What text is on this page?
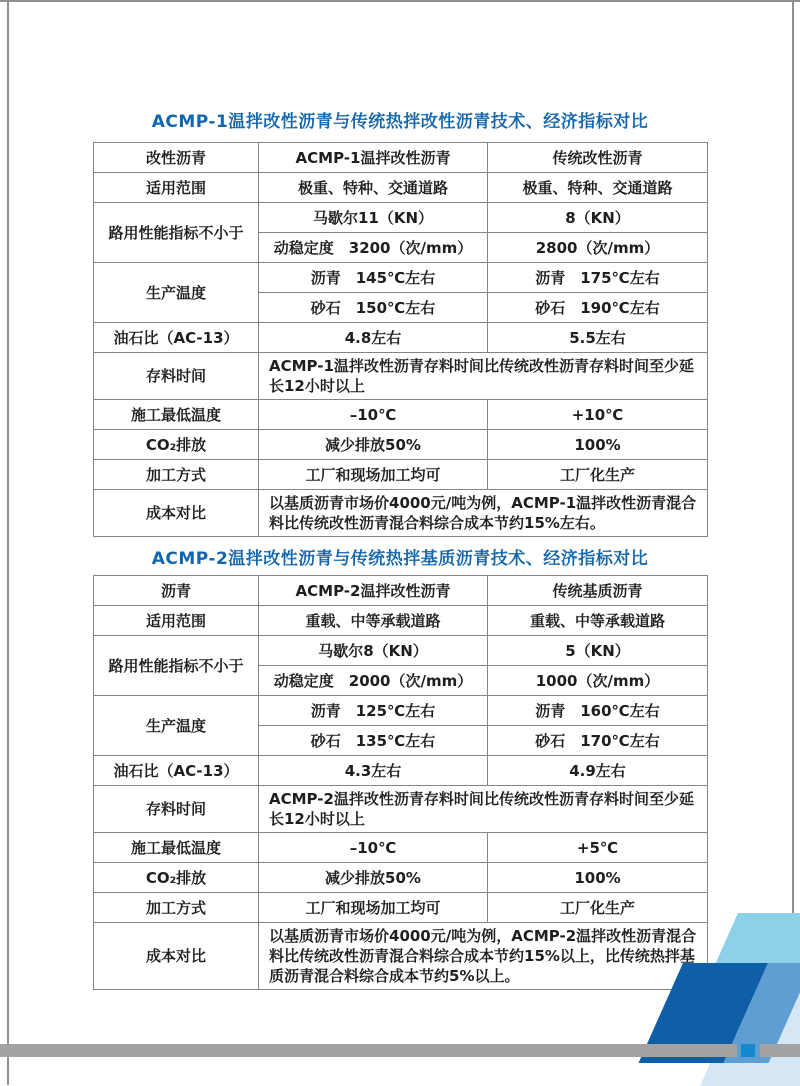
ACMP-1温拌改性沥青与传统热拌改性沥青技术、经济指标对比
改性沥青	ACMP-1温拌改性沥青	传统改性沥青
适用范围	极重、特种、交通道路	极重、特种、交通道路
路用性能指标不小于	马歇尔11（KN）	8（KN）
	动稳定度　3200（次/mm）	2800（次/mm）
生产温度	沥青　145℃左右	沥青　175℃左右
	砂石　150℃左右	砂石　190℃左右
油石比（AC-13）	4.8左右	5.5左右
存料时间	ACMP-1温拌改性沥青存料时间比传统改性沥青存料时间至少延长12小时以上	
施工最低温度	–10℃	+10℃
CO₂排放	减少排放50%	100%
加工方式	工厂和现场加工均可	工厂化生产
成本对比	以基质沥青市场价4000元/吨为例，ACMP-1温拌改性沥青混合料比传统改性沥青混合料综合成本节约15%左右。	
ACMP-2温拌改性沥青与传统热拌基质沥青技术、经济指标对比
沥青	ACMP-2温拌改性沥青	传统基质沥青
适用范围	重载、中等承载道路	重载、中等承载道路
路用性能指标不小于	马歇尔8（KN）	5（KN）
	动稳定度　2000（次/mm）	1000（次/mm）
生产温度	沥青　125℃左右	沥青　160℃左右
	砂石　135℃左右	砂石　170℃左右
油石比（AC-13）	4.3左右	4.9左右
存料时间	ACMP-2温拌改性沥青存料时间比传统改性沥青存料时间至少延长12小时以上	
施工最低温度	–10℃	+5℃
CO₂排放	减少排放50%	100%
加工方式	工厂和现场加工均可	工厂化生产
成本对比	以基质沥青市场价4000元/吨为例，ACMP-2温拌改性沥青混合料比传统改性沥青混合料综合成本节约15%以上，比传统热拌基质沥青混合料综合成本节约5%以上。	
